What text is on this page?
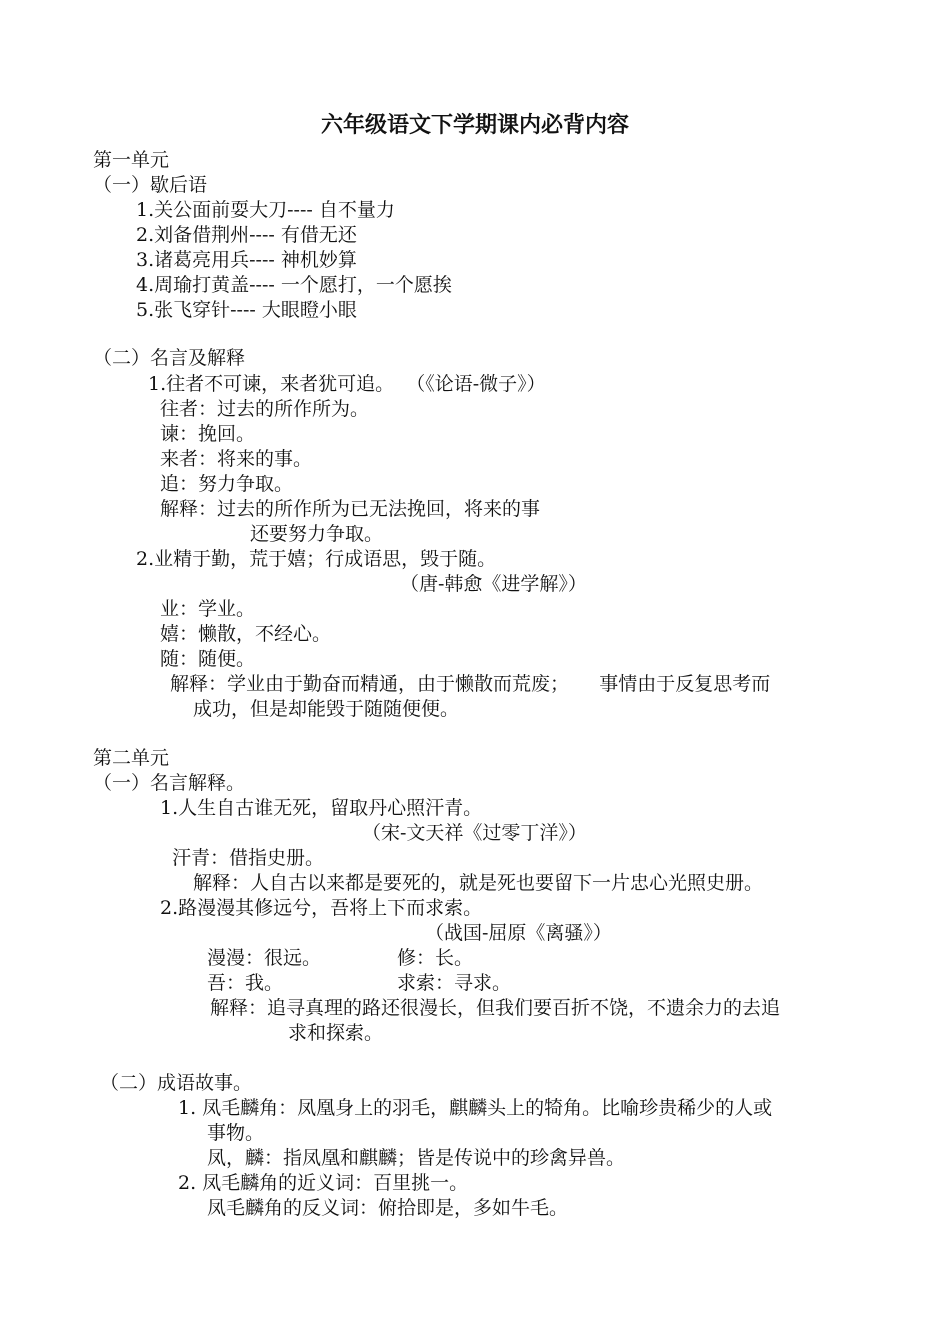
六年级语文下学期课内必背内容
第一单元
（一）歇后语
1.关公面前耍大刀---- 自不量力
2.刘备借荆州---- 有借无还
3.诸葛亮用兵---- 神机妙算
4.周瑜打黄盖---- 一个愿打，一个愿挨
5.张飞穿针---- 大眼瞪小眼
（二）名言及解释
1.往者不可谏，来者犹可追。  （《论语-微子》）
往者：过去的所作所为。
谏：挽回。
来者：将来的事。
追：努力争取。
解释：过去的所作所为已无法挽回，将来的事
还要努力争取。
2.业精于勤，荒于嬉；行成语思，毁于随。
（唐-韩愈《进学解》）
业：学业。
嬉：懒散，不经心。
随：随便。
解释：学业由于勤奋而精通，由于懒散而荒废；     事情由于反复思考而
成功，但是却能毁于随随便便。
第二单元
（一）名言解释。
1.人生自古谁无死，留取丹心照汗青。
（宋-文天祥《过零丁洋》）
汗青：借指史册。
解释：人自古以来都是要死的，就是死也要留下一片忠心光照史册。
2.路漫漫其修远兮，吾将上下而求索。
（战国-屈原《离骚》）
漫漫：很远。	修：长。
吾：我。	求索：寻求。
解释：追寻真理的路还很漫长，但我们要百折不饶，不遗余力的去追
求和探索。
（二）成语故事。
1. 凤毛麟角：凤凰身上的羽毛，麒麟头上的犄角。比喻珍贵稀少的人或
事物。
凤，麟：指凤凰和麒麟；皆是传说中的珍禽异兽。
2. 凤毛麟角的近义词：百里挑一。
凤毛麟角的反义词：俯拾即是，多如牛毛。
